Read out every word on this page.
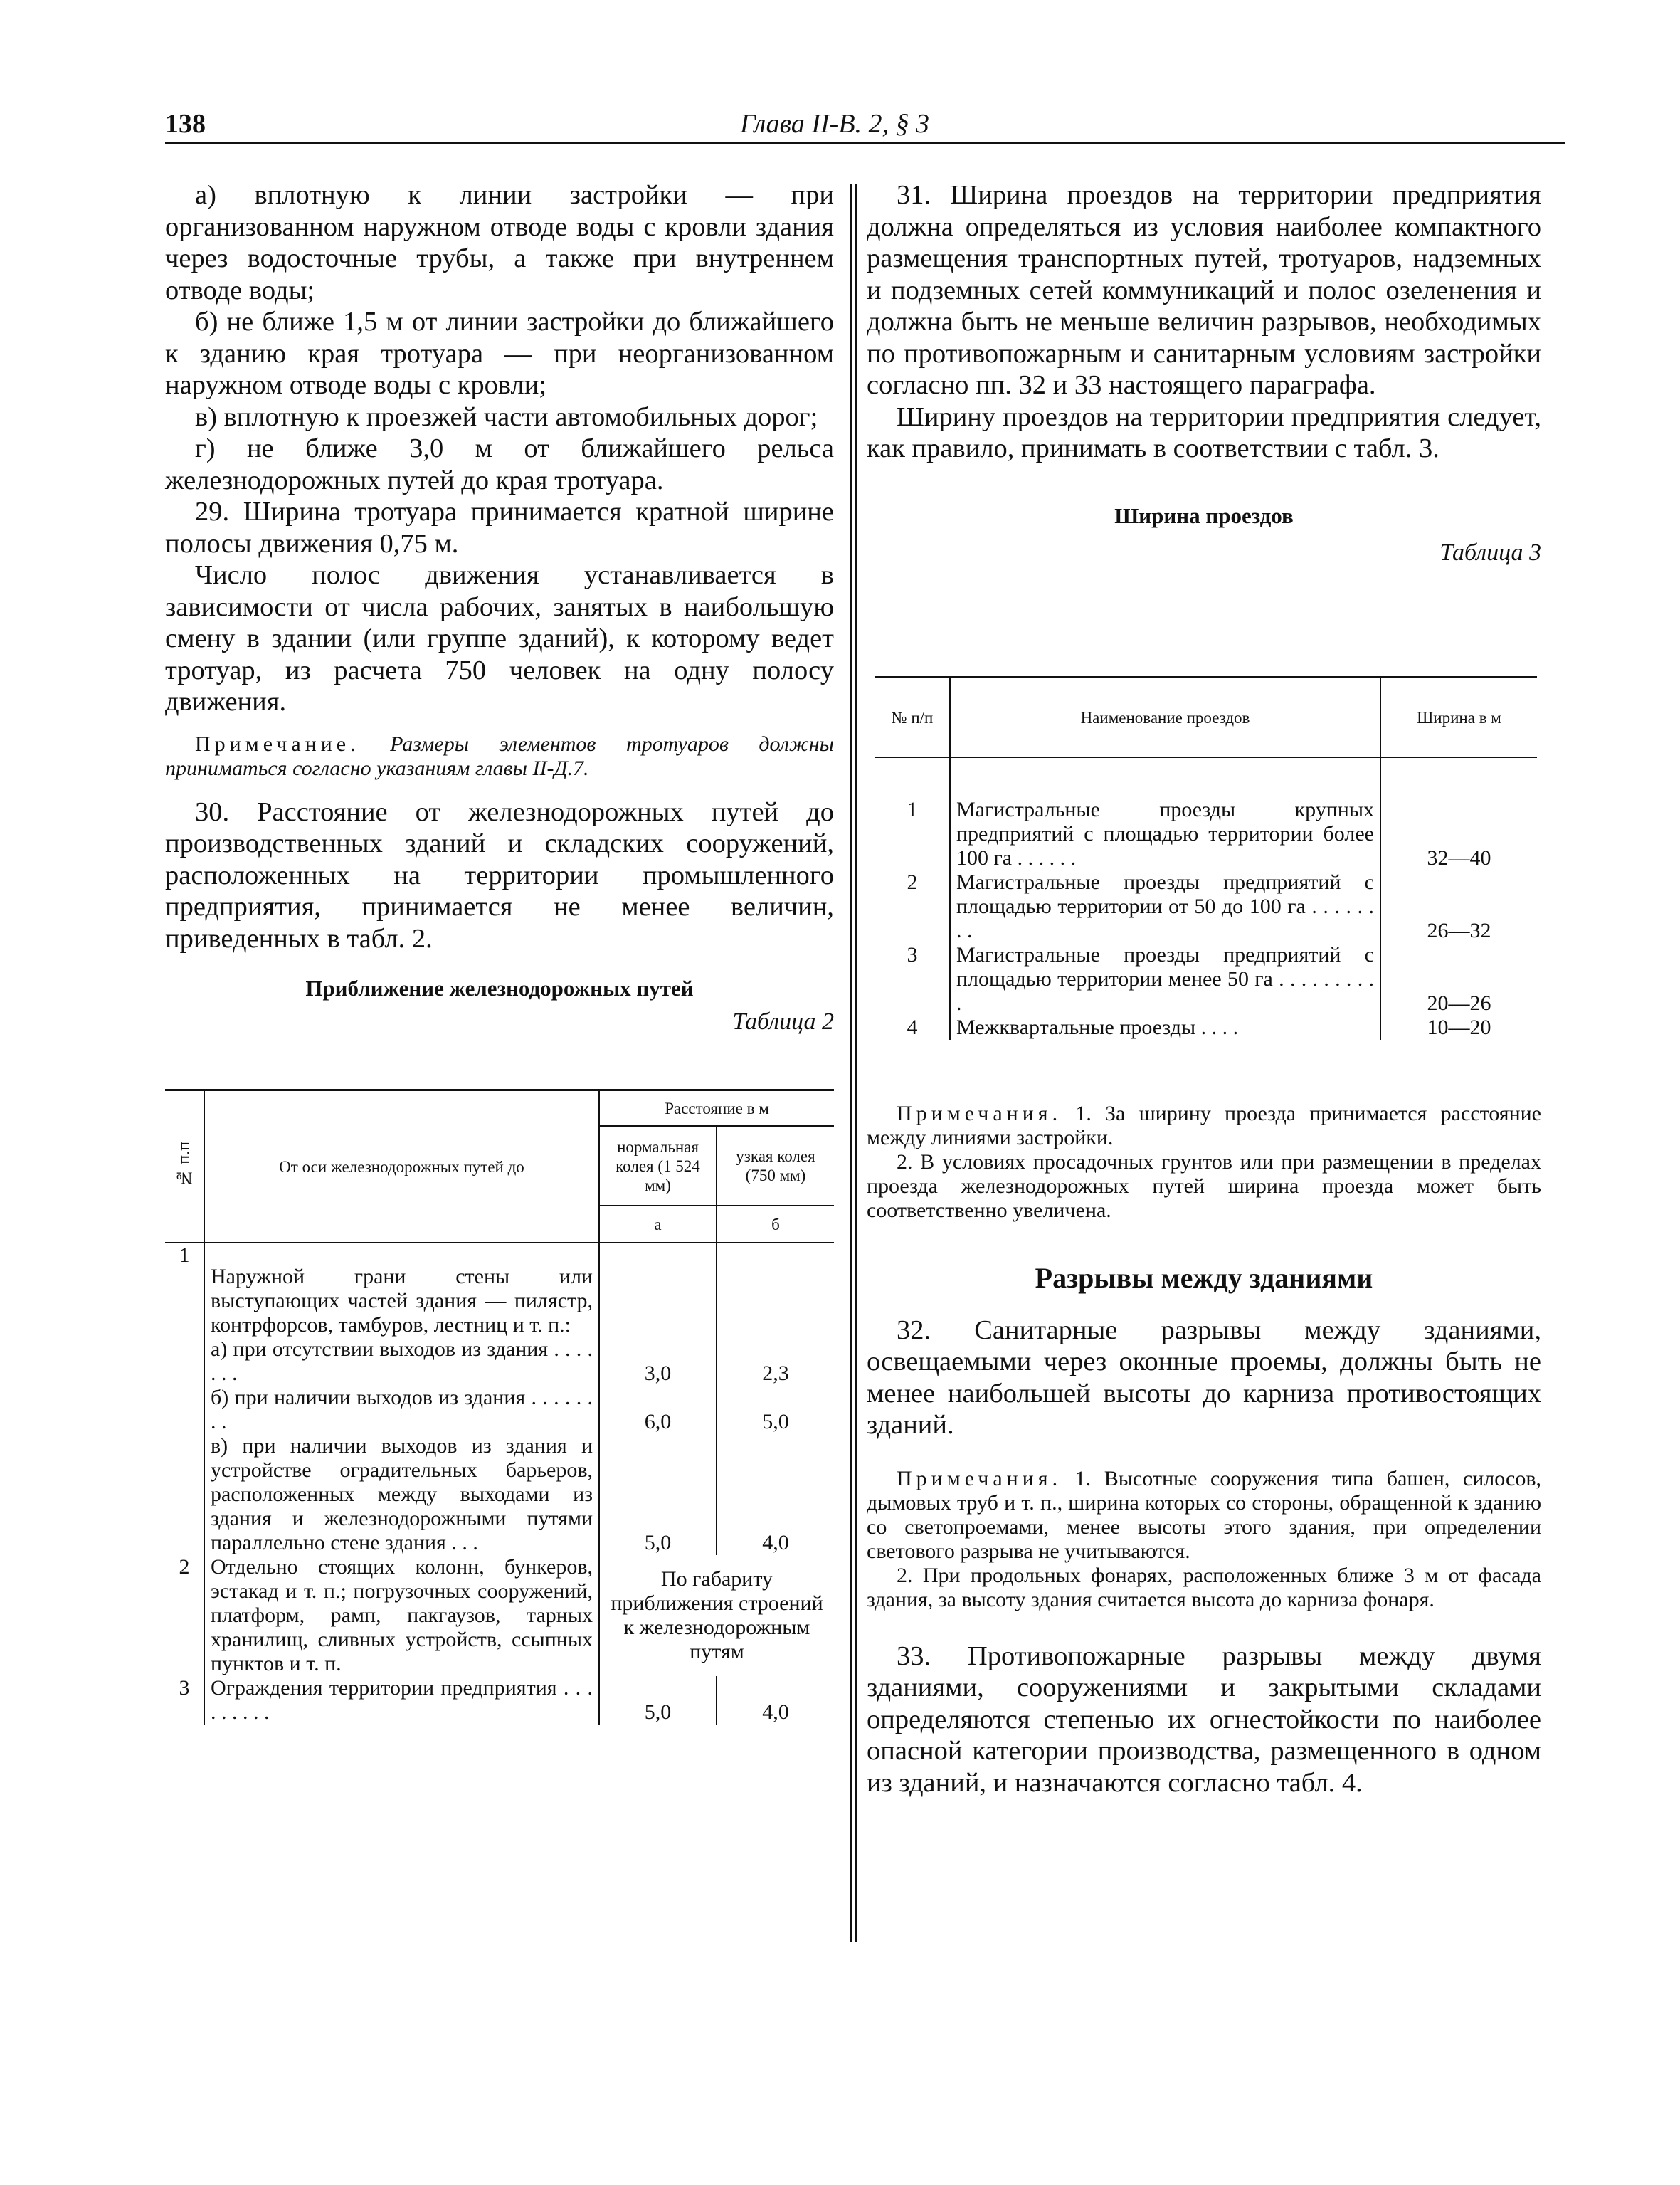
138	Глава II-В. 2, § 3

а) вплотную к линии застройки — при организованном наружном отводе воды с кровли здания через водосточные трубы, а также при внутреннем отводе воды;

б) не ближе 1,5 м от линии застройки до ближайшего к зданию края тротуара — при неорганизованном наружном отводе воды с кровли;

в) вплотную к проезжей части автомобильных дорог;

г) не ближе 3,0 м от ближайшего рельса железнодорожных путей до края тротуара.

29. Ширина тротуара принимается кратной ширине полосы движения 0,75 м.

Число полос движения устанавливается в зависимости от числа рабочих, занятых в наибольшую смену в здании (или группе зданий), к которому ведет тротуар, из расчета 750 человек на одну полосу движения.

Примечание. Размеры элементов тротуаров должны приниматься согласно указаниям главы II-Д.7.

30. Расстояние от железнодорожных путей до производственных зданий и складских сооружений, расположенных на территории промышленного предприятия, принимается не менее величин, приведенных в табл. 2.

Приближение железнодорожных путей

Таблица 2

№ п.п	От оси железнодорожных путей до	Расстояние в м	
		нормальная колея (1 524 мм)	узкая колея (750 мм)
		а	б
1	Наружной грани стены или выступающих частей здания — пилястр, контрфорсов, тамбуров, лестниц и т. п.:		
	а) при отсутствии выходов из здания . . . . . . .	3,0	2,3
	б) при наличии выходов из здания . . . . . . . .	6,0	5,0
	в) при наличии выходов из здания и устройстве оградительных барьеров, расположенных между выходами из здания и железнодорожными путями параллельно стене здания . . .	5,0	4,0
2	Отдельно стоящих колонн, бункеров, эстакад и т. п.; погрузочных сооружений, платформ, рамп, пакгаузов, тарных хранилищ, сливных устройств, ссыпных пунктов и т. п.	По габариту приближения строений к железнодорожным путям	
3	Ограждения территории предприятия . . . . . . . . .	5,0	4,0

31. Ширина проездов на территории предприятия должна определяться из условия наиболее компактного размещения транспортных путей, тротуаров, надземных и подземных сетей коммуникаций и полос озеленения и должна быть не меньше величин разрывов, необходимых по противопожарным и санитарным условиям застройки согласно пп. 32 и 33 настоящего параграфа.

Ширину проездов на территории предприятия следует, как правило, принимать в соответствии с табл. 3.

Ширина проездов

Таблица 3

№ п/п	Наименование проездов	Ширина в м
1	Магистральные проезды крупных предприятий с площадью территории более 100 га . . . . . .	32—40
2	Магистральные проезды предприятий с площадью территории от 50 до 100 га . . . . . . . .	26—32
3	Магистральные проезды предприятий с площадью территории менее 50 га . . . . . . . . . .	20—26
4	Межквартальные проезды . . . .	10—20

Примечания. 1. За ширину проезда принимается расстояние между линиями застройки.

2. В условиях просадочных грунтов или при размещении в пределах проезда железнодорожных путей ширина проезда может быть соответственно увеличена.

Разрывы между зданиями

32. Санитарные разрывы между зданиями, освещаемыми через оконные проемы, должны быть не менее наибольшей высоты до карниза противостоящих зданий.

Примечания. 1. Высотные сооружения типа башен, силосов, дымовых труб и т. п., ширина которых со стороны, обращенной к зданию со светопроемами, менее высоты этого здания, при определении светового разрыва не учитываются.

2. При продольных фонарях, расположенных ближе 3 м от фасада здания, за высоту здания считается высота до карниза фонаря.

33. Противопожарные разрывы между двумя зданиями, сооружениями и закрытыми складами определяются степенью их огнестойкости по наиболее опасной категории производства, размещенного в одном из зданий, и назначаются согласно табл. 4.
